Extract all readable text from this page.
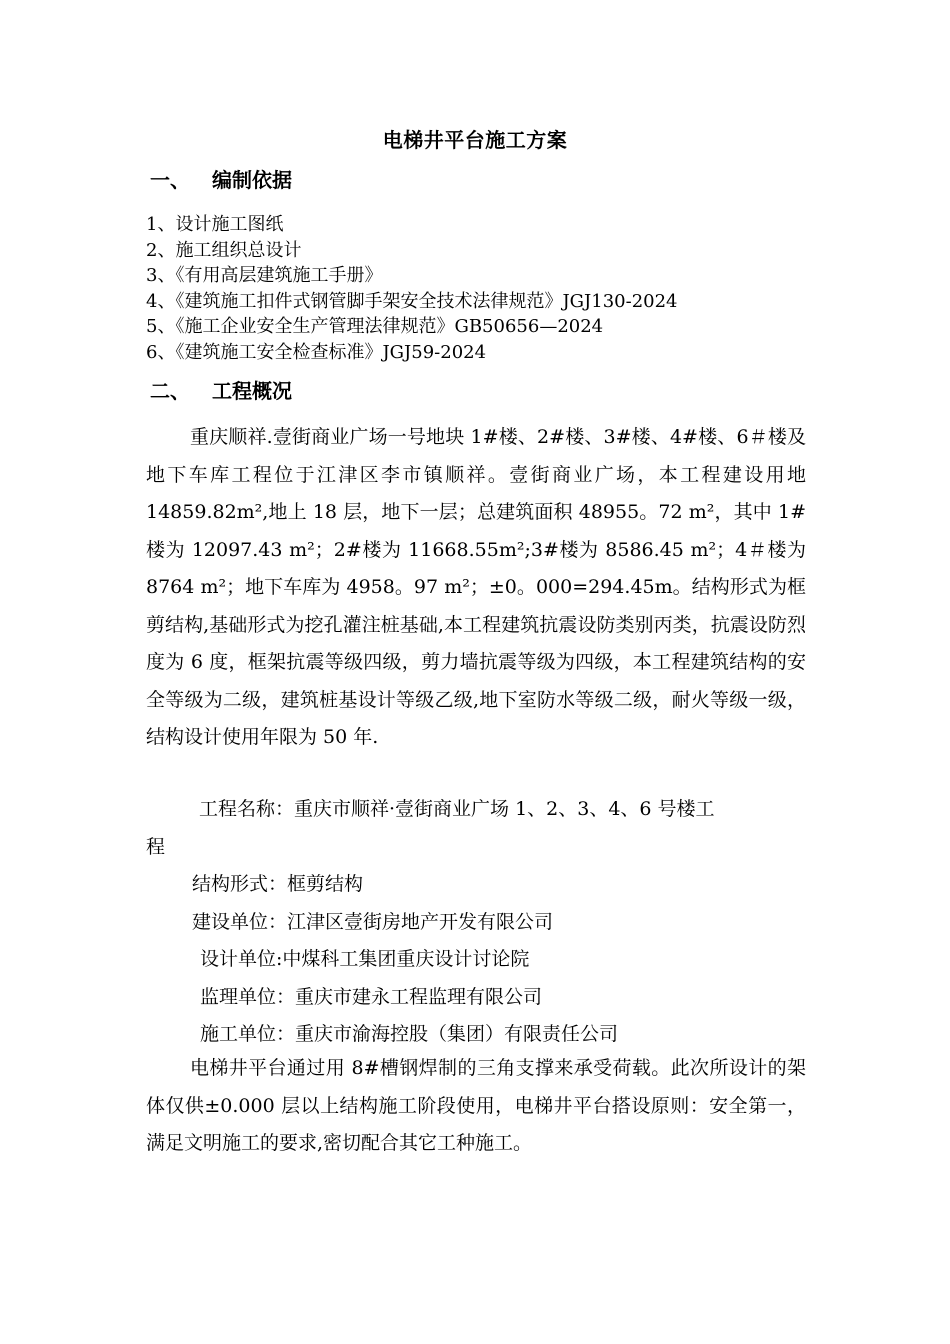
电梯井平台施工方案
一、 编制依据
1、设计施工图纸
2、施工组织总设计
3、《有用高层建筑施工手册》
4、《建筑施工扣件式钢管脚手架安全技术法律规范》JGJ130-2024
5、《施工企业安全生产管理法律规范》GB50656—2024
6、《建筑施工安全检查标准》JGJ59-2024
二、 工程概况

重庆顺祥.壹街商业广场一号地块 1#楼、2#楼、3#楼、4#楼、6＃楼及地下车库工程位于江津区李市镇顺祥。壹街商业广场，本工程建设用地 14859.82m²,地上 18 层，地下一层；总建筑面积 48955。72 m²，其中 1#楼为 12097.43 m²；2#楼为 11668.55m²;3#楼为 8586.45 m²；4＃楼为 8764 m²；地下车库为 4958。97 m²；±0。000=294.45m。结构形式为框剪结构,基础形式为挖孔灌注桩基础,本工程建筑抗震设防类别丙类，抗震设防烈度为 6 度，框架抗震等级四级，剪力墙抗震等级为四级，本工程建筑结构的安全等级为二级，建筑桩基设计等级乙级,地下室防水等级二级，耐火等级一级，结构设计使用年限为 50 年.

工程名称：重庆市顺祥·壹街商业广场 1、2、3、4、6 号楼工
程
结构形式：框剪结构
建设单位：江津区壹街房地产开发有限公司
设计单位:中煤科工集团重庆设计讨论院
监理单位：重庆市建永工程监理有限公司
施工单位：重庆市渝海控股（集团）有限责任公司

电梯井平台通过用 8#槽钢焊制的三角支撑来承受荷载。此次所设计的架体仅供±0.000 层以上结构施工阶段使用，电梯井平台搭设原则：安全第一，满足文明施工的要求,密切配合其它工种施工。
